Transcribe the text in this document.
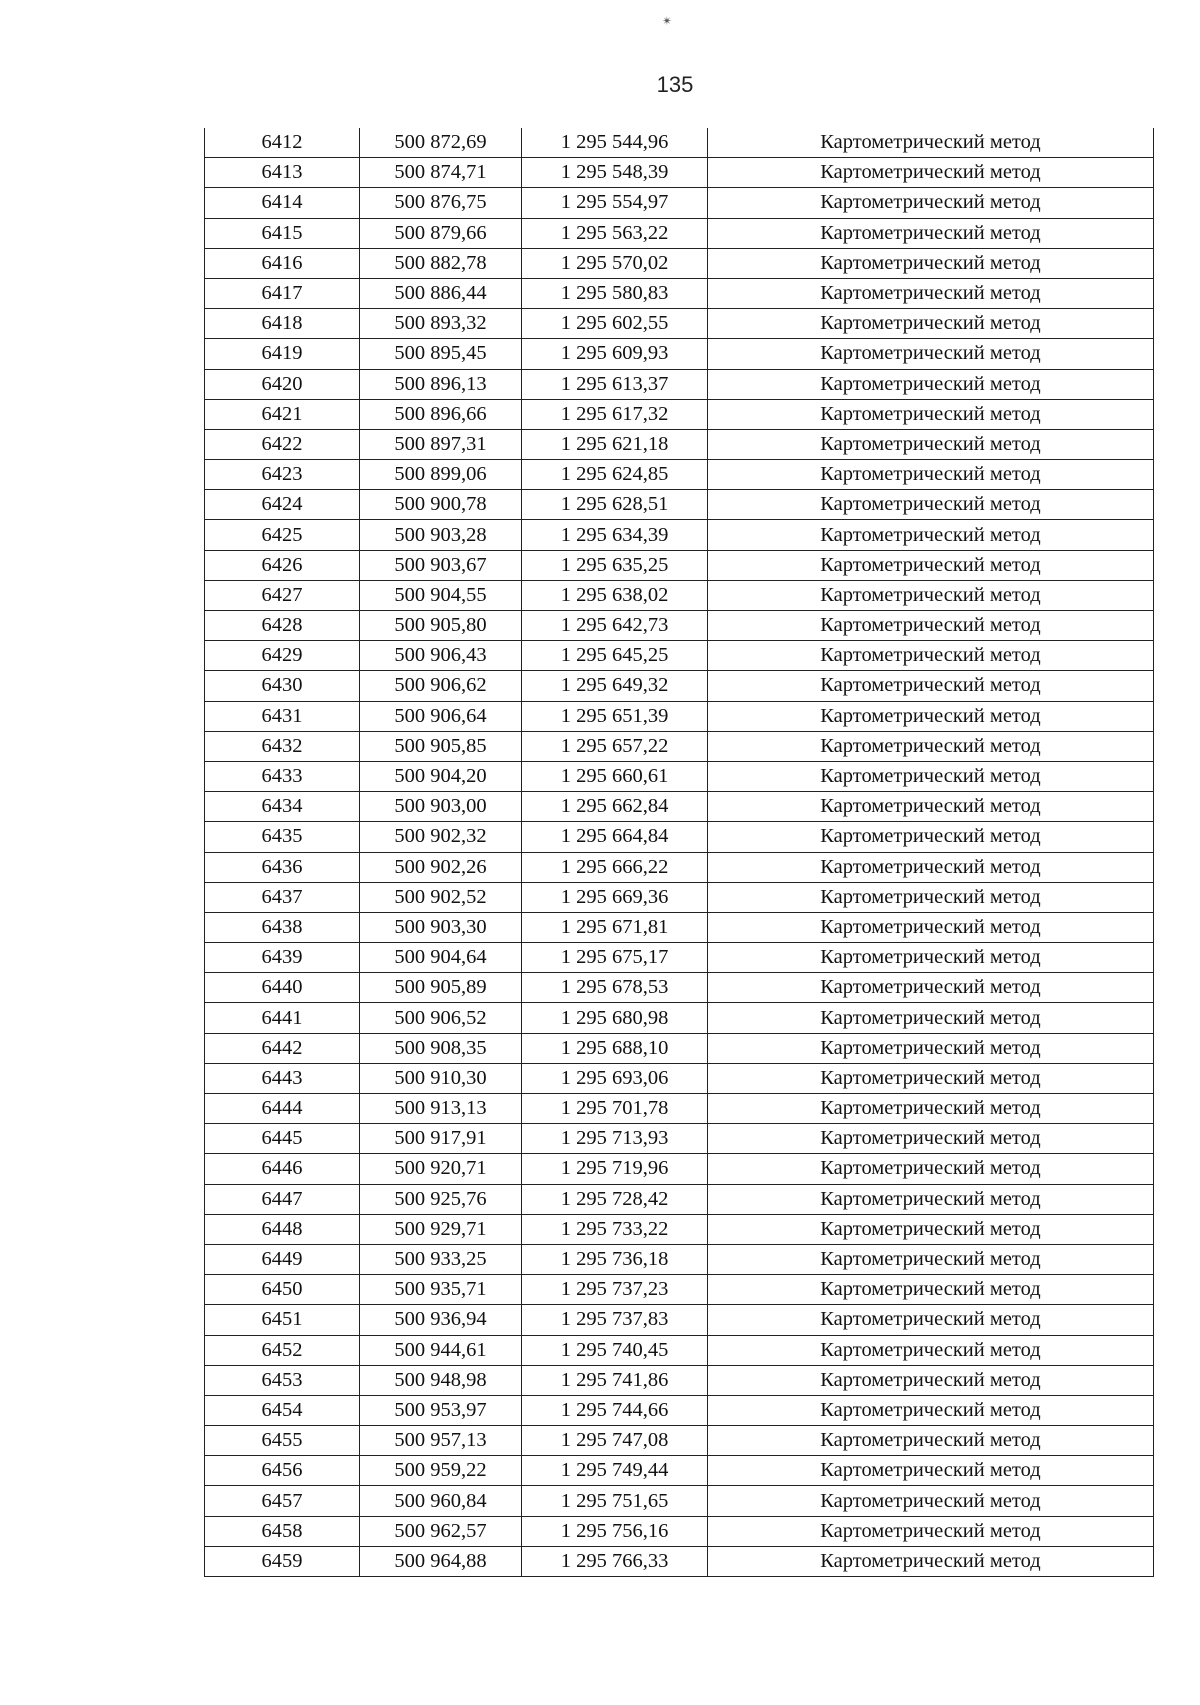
✴
135
6412	500 872,69	1 295 544,96	Картометрический метод
6413	500 874,71	1 295 548,39	Картометрический метод
6414	500 876,75	1 295 554,97	Картометрический метод
6415	500 879,66	1 295 563,22	Картометрический метод
6416	500 882,78	1 295 570,02	Картометрический метод
6417	500 886,44	1 295 580,83	Картометрический метод
6418	500 893,32	1 295 602,55	Картометрический метод
6419	500 895,45	1 295 609,93	Картометрический метод
6420	500 896,13	1 295 613,37	Картометрический метод
6421	500 896,66	1 295 617,32	Картометрический метод
6422	500 897,31	1 295 621,18	Картометрический метод
6423	500 899,06	1 295 624,85	Картометрический метод
6424	500 900,78	1 295 628,51	Картометрический метод
6425	500 903,28	1 295 634,39	Картометрический метод
6426	500 903,67	1 295 635,25	Картометрический метод
6427	500 904,55	1 295 638,02	Картометрический метод
6428	500 905,80	1 295 642,73	Картометрический метод
6429	500 906,43	1 295 645,25	Картометрический метод
6430	500 906,62	1 295 649,32	Картометрический метод
6431	500 906,64	1 295 651,39	Картометрический метод
6432	500 905,85	1 295 657,22	Картометрический метод
6433	500 904,20	1 295 660,61	Картометрический метод
6434	500 903,00	1 295 662,84	Картометрический метод
6435	500 902,32	1 295 664,84	Картометрический метод
6436	500 902,26	1 295 666,22	Картометрический метод
6437	500 902,52	1 295 669,36	Картометрический метод
6438	500 903,30	1 295 671,81	Картометрический метод
6439	500 904,64	1 295 675,17	Картометрический метод
6440	500 905,89	1 295 678,53	Картометрический метод
6441	500 906,52	1 295 680,98	Картометрический метод
6442	500 908,35	1 295 688,10	Картометрический метод
6443	500 910,30	1 295 693,06	Картометрический метод
6444	500 913,13	1 295 701,78	Картометрический метод
6445	500 917,91	1 295 713,93	Картометрический метод
6446	500 920,71	1 295 719,96	Картометрический метод
6447	500 925,76	1 295 728,42	Картометрический метод
6448	500 929,71	1 295 733,22	Картометрический метод
6449	500 933,25	1 295 736,18	Картометрический метод
6450	500 935,71	1 295 737,23	Картометрический метод
6451	500 936,94	1 295 737,83	Картометрический метод
6452	500 944,61	1 295 740,45	Картометрический метод
6453	500 948,98	1 295 741,86	Картометрический метод
6454	500 953,97	1 295 744,66	Картометрический метод
6455	500 957,13	1 295 747,08	Картометрический метод
6456	500 959,22	1 295 749,44	Картометрический метод
6457	500 960,84	1 295 751,65	Картометрический метод
6458	500 962,57	1 295 756,16	Картометрический метод
6459	500 964,88	1 295 766,33	Картометрический метод
